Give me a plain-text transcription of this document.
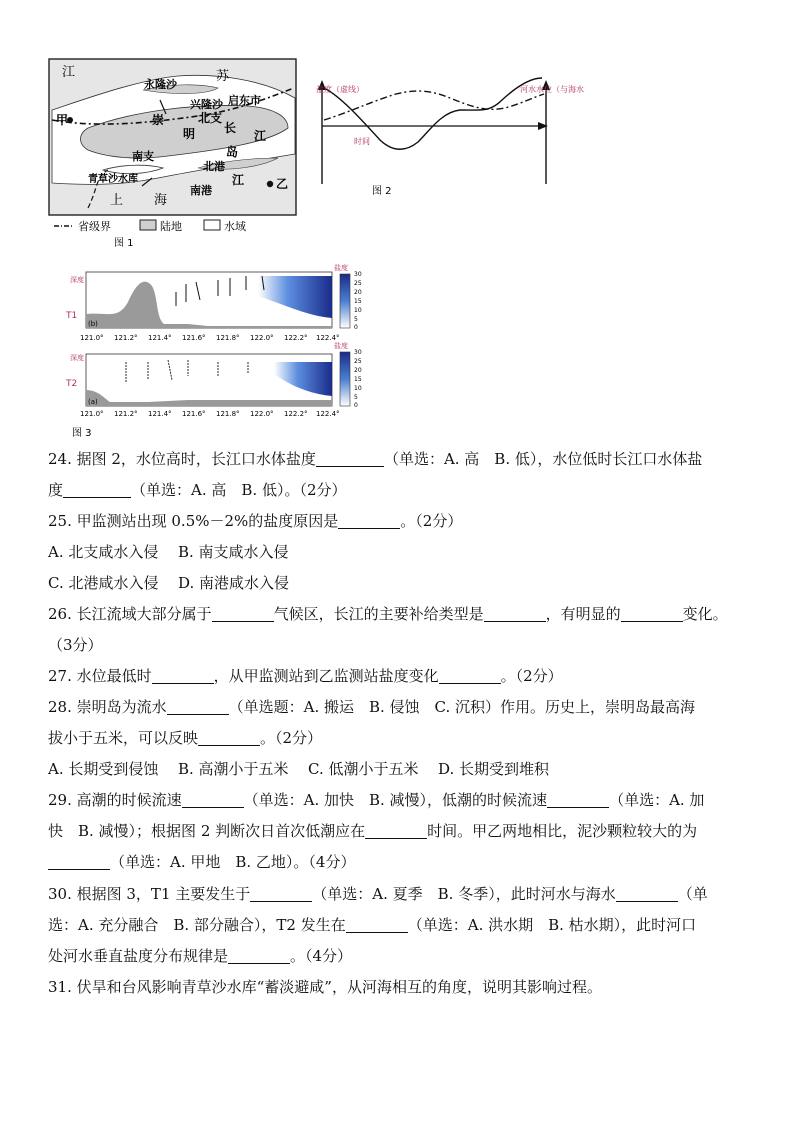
江	苏
启东市
永隆沙
兴隆沙
北支
长
江
崇
明
岛
甲
南支
北港
青草沙水库
上 海
南港
江	乙
省级界	陆地	水域
图 1
盐度（虚线）	河水水位（与海水
时间
图 2
T1
深度
(b)
盐度
30
25
20
15
10
5
0
121.0° 121.2° 121.4° 121.6° 121.8° 122.0° 122.2° 122.4°
T2
深度
(a)
盐度
30
25
20
15
10
5
0
121.0° 121.2° 121.4° 121.6° 121.8° 122.0° 122.2° 122.4°
图 3

24. 据图 2，水位高时，长江口水体盐度	（单选：A. 高　B. 低），水位低时长江口水体盐

度	（单选：A. 高　B. 低）。（2分）

25. 甲监测站出现 0.5%－2%的盐度原因是	。（2分）

A. 北支咸水入侵 B. 南支咸水入侵

C. 北港咸水入侵 D. 南港咸水入侵

26. 长江流域大部分属于	气候区，长江的主要补给类型是	，有明显的	变化。

（3分）

27. 水位最低时	，从甲监测站到乙监测站盐度变化	。（2分）

28. 崇明岛为流水	（单选题：A. 搬运　B. 侵蚀　C. 沉积）作用。历史上，崇明岛最高海

拔小于五米，可以反映	。（2分）

A. 长期受到侵蚀 B. 高潮小于五米 C. 低潮小于五米 D. 长期受到堆积

29. 高潮的时候流速	（单选：A. 加快　B. 减慢），低潮的时候流速	（单选：A. 加

快　B. 减慢）；根据图 2 判断次日首次低潮应在	时间。甲乙两地相比，泥沙颗粒较大的为

（单选：A. 甲地　B. 乙地）。（4分）

30. 根据图 3，T1 主要发生于	（单选：A. 夏季　B. 冬季），此时河水与海水	（单

选：A. 充分融合　B. 部分融合），T2 发生在	（单选：A. 洪水期　B. 枯水期），此时河口

处河水垂直盐度分布规律是	。（4分）

31. 伏旱和台风影响青草沙水库“蓄淡避咸”，从河海相互的角度，说明其影响过程。
